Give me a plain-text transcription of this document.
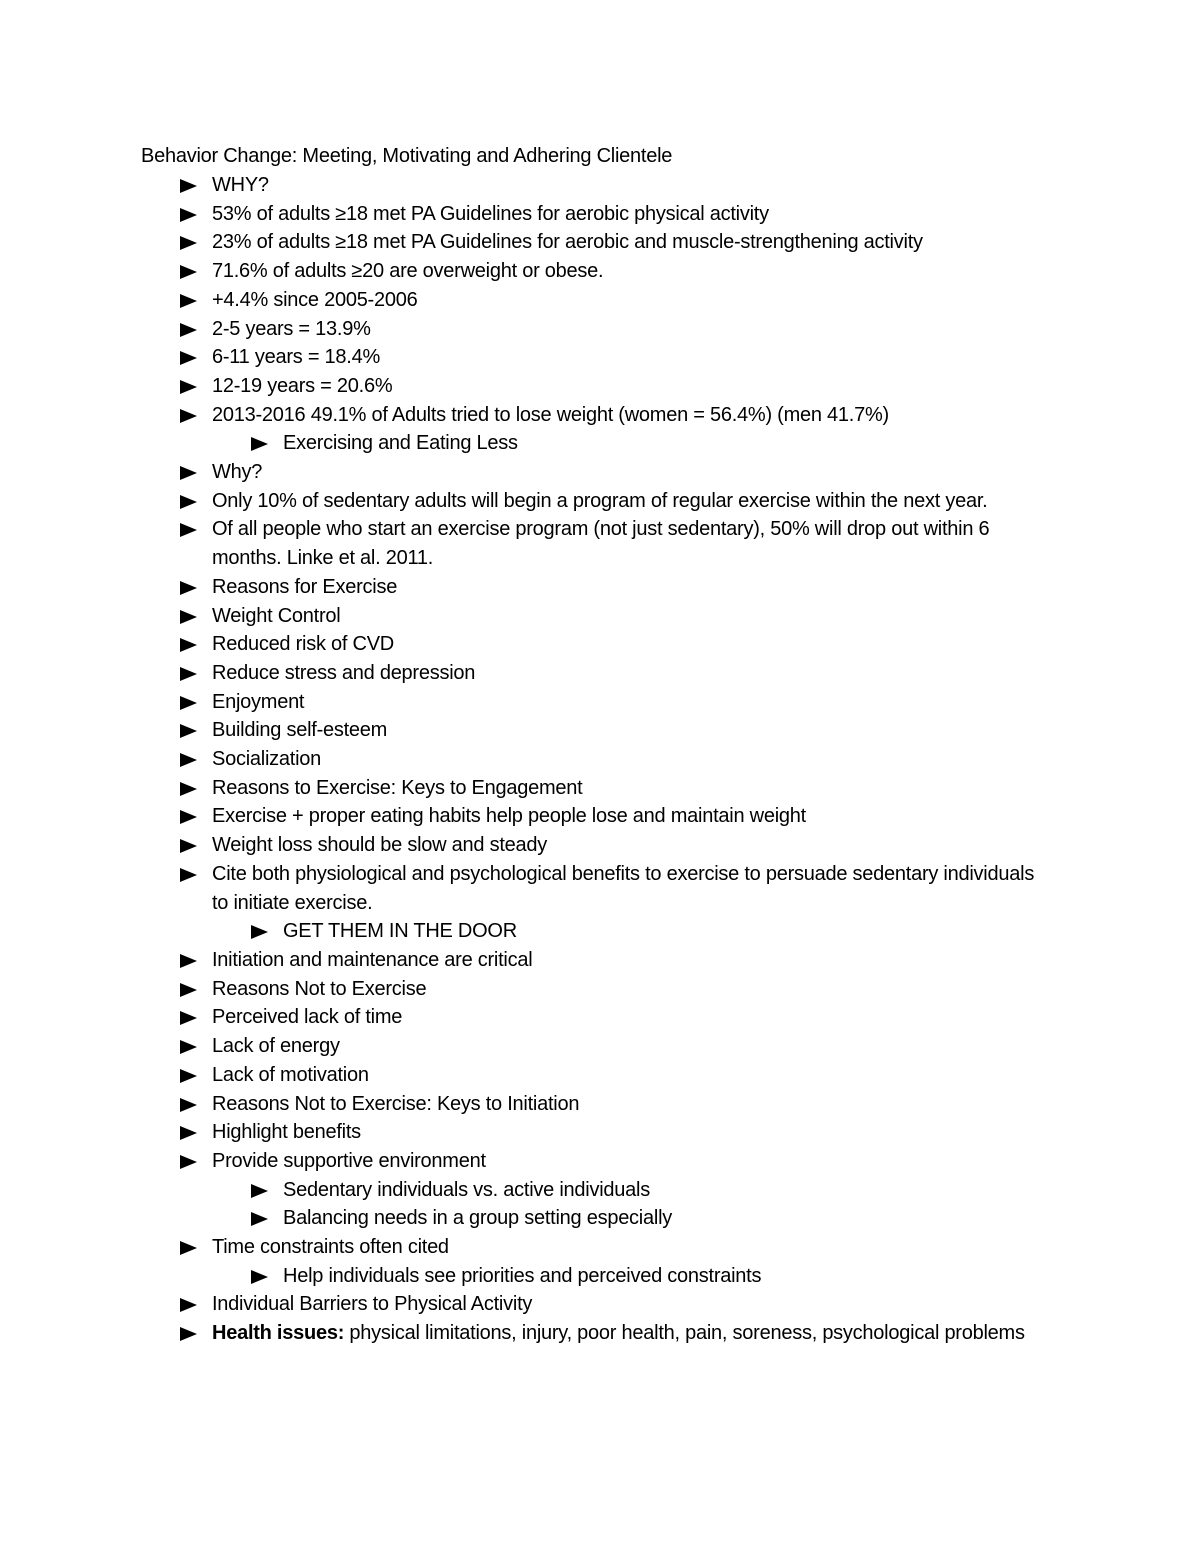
Behavior Change: Meeting, Motivating and Adhering Clientele
WHY?
53% of adults ≥18 met PA Guidelines for aerobic physical activity
23% of adults ≥18 met PA Guidelines for aerobic and muscle-strengthening activity
71.6% of adults ≥20 are overweight or obese.
+4.4% since 2005-2006
2-5 years = 13.9%
6-11 years = 18.4%
12-19 years = 20.6%
2013-2016 49.1% of Adults tried to lose weight (women = 56.4%) (men 41.7%)
Exercising and Eating Less
Why?
Only 10% of sedentary adults will begin a program of regular exercise within the next year.
Of all people who start an exercise program (not just sedentary), 50% will drop out within 6 months. Linke et al. 2011.
Reasons for Exercise
Weight Control
Reduced risk of CVD
Reduce stress and depression
Enjoyment
Building self-esteem
Socialization
Reasons to Exercise: Keys to Engagement
Exercise + proper eating habits help people lose and maintain weight
Weight loss should be slow and steady
Cite both physiological and psychological benefits to exercise to persuade sedentary individuals to initiate exercise.
GET THEM IN THE DOOR
Initiation and maintenance are critical
Reasons Not to Exercise
Perceived lack of time
Lack of energy
Lack of motivation
Reasons Not to Exercise: Keys to Initiation
Highlight benefits
Provide supportive environment
Sedentary individuals vs. active individuals
Balancing needs in a group setting especially
Time constraints often cited
Help individuals see priorities and perceived constraints
Individual Barriers to Physical Activity
Health issues: physical limitations, injury, poor health, pain, soreness, psychological problems
